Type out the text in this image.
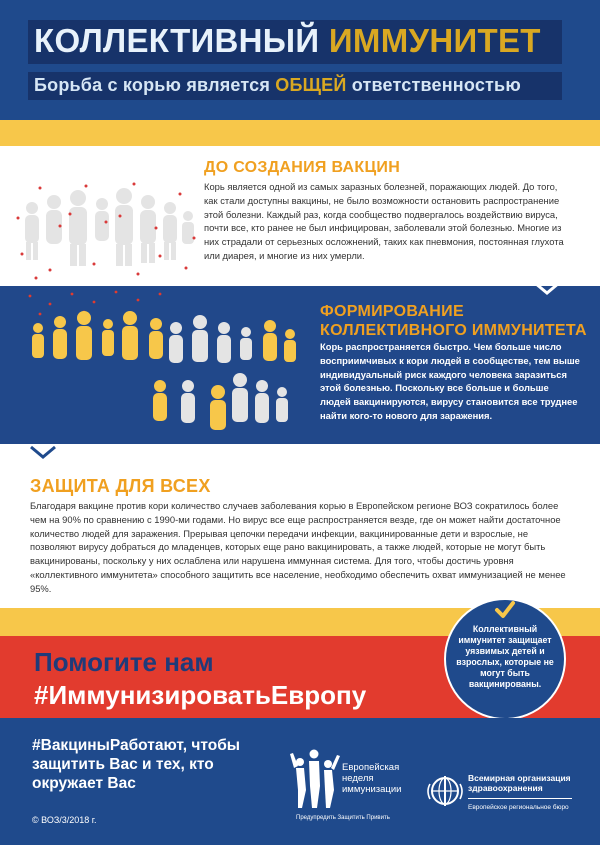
КОЛЛЕКТИВНЫЙ ИММУНИТЕТ
Борьба с корью является ОБЩЕЙ ответственностью
ДО СОЗДАНИЯ ВАКЦИН
Корь является одной из самых заразных болезней, поражающих людей. До того, как стали доступны вакцины, не было возможности остановить распространение этой болезни. Каждый раз, когда сообщество подвергалось воздействию вируса, почти все, кто ранее не был инфицирован, заболевали этой болезнью. Многие из них страдали от серьезных осложнений, таких как пневмония, постоянная глухота или диарея, и многие из них умерли.
ФОРМИРОВАНИЕ
КОЛЛЕКТИВНОГО ИММУНИТЕТА
Корь распространяется быстро. Чем больше число восприимчивых к кори людей в сообществе, тем выше индивидуальный риск каждого человека заразиться этой болезнью. Поскольку все больше и больше людей вакцинируются, вирусу становится все труднее найти кого-то нового для заражения.
ЗАЩИТА ДЛЯ ВСЕХ
Благодаря вакцине против кори количество случаев заболевания корью в Европейском регионе ВОЗ сократилось более чем на 90% по сравнению с 1990-ми годами. Но вирус все еще распространяется везде, где он может найти достаточное количество людей для заражения. Прерывая цепочки передачи инфекции, вакцинированные дети и взрослые, не позволяют вирусу добраться до младенцев, которых еще рано вакцинировать, а также людей, которые не могут быть вакцинированы, поскольку у них ослаблена или нарушена иммунная система. Для того, чтобы достичь уровня «коллективного иммунитета» способного защитить все население, необходимо обеспечить охват иммунизацией не менее 95%.
Помогите нам
#ИммунизироватьЕвропу
Коллективный иммунитет защищает уязвимых детей и взрослых, которые не могут быть вакцинированы.
#ВакциныРаботают, чтобы защитить Вас и тех, кто окружает Вас
© ВОЗ/3/2018 г.
Европейская неделя иммунизации
Предупредить Защитить Привить
Всемирная организация здравоохранения
Европейское региональное бюро
